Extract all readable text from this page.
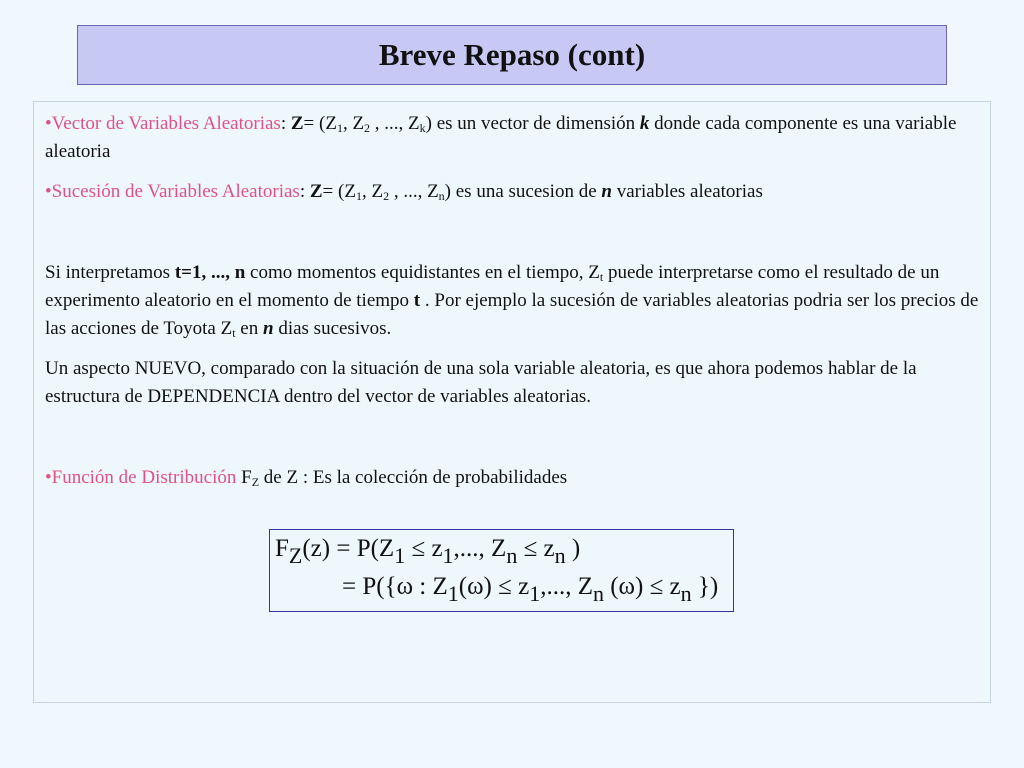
Breve Repaso (cont)
•Vector de Variables Aleatorias: $Z= (Z_1$, $Z_2$ , ..., $Z_k$) es un vector de dimensión k donde cada componente es una variable aleatoria
•Sucesión de Variables Aleatorias: $Z= (Z_1$, $Z_2$ , ..., $Z_n$) es una sucesion de n variables aleatorias
Si interpretamos t=1, ..., n como momentos equidistantes en el tiempo, $Z_t$ puede interpretarse como el resultado de un experimento aleatorio en el momento de tiempo t . Por ejemplo la sucesión de variables aleatorias podria ser los precios de las acciones de Toyota $Z_t$ en n dias sucesivos.
Un aspecto NUEVO, comparado con la situación de una sola variable aleatoria, es que ahora podemos hablar de la estructura de DEPENDENCIA dentro del vector de variables aleatorias.
•Función de Distribución $F_Z$ de Z : Es la colección de probabilidades
$F_Z(z) = P(Z_1 \le z_1$,..., $Z_n \le z_n$ )
= P({ω : $Z_1(\omega) \le z_1$,..., $Z_n$ $(\omega) \le z_n$ })
